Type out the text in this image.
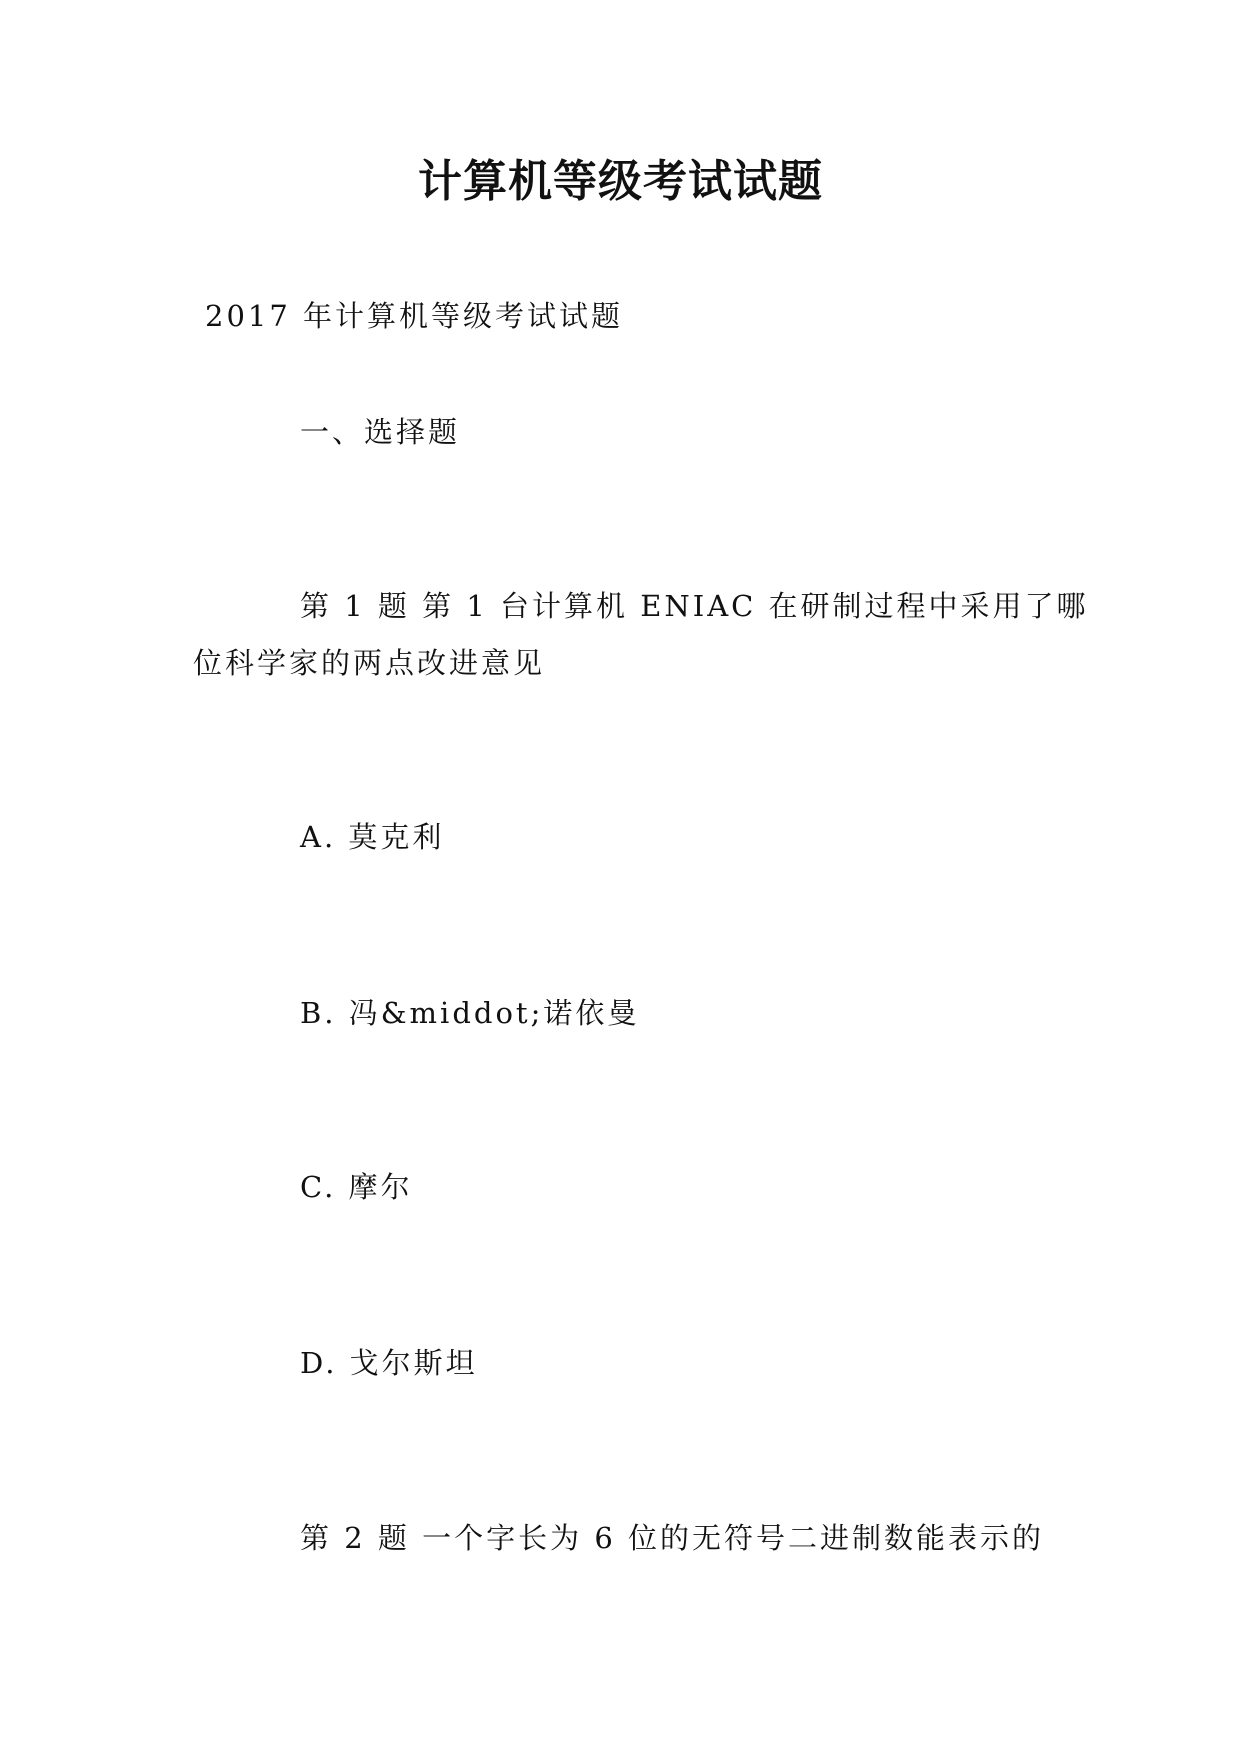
计算机等级考试试题
2017 年计算机等级考试试题
一、选择题
第 1 题 第 1 台计算机 ENIAC 在研制过程中采用了哪
位科学家的两点改进意见
A. 莫克利
B. 冯&middot;诺依曼
C. 摩尔
D. 戈尔斯坦
第 2 题 一个字长为 6 位的无符号二进制数能表示的
